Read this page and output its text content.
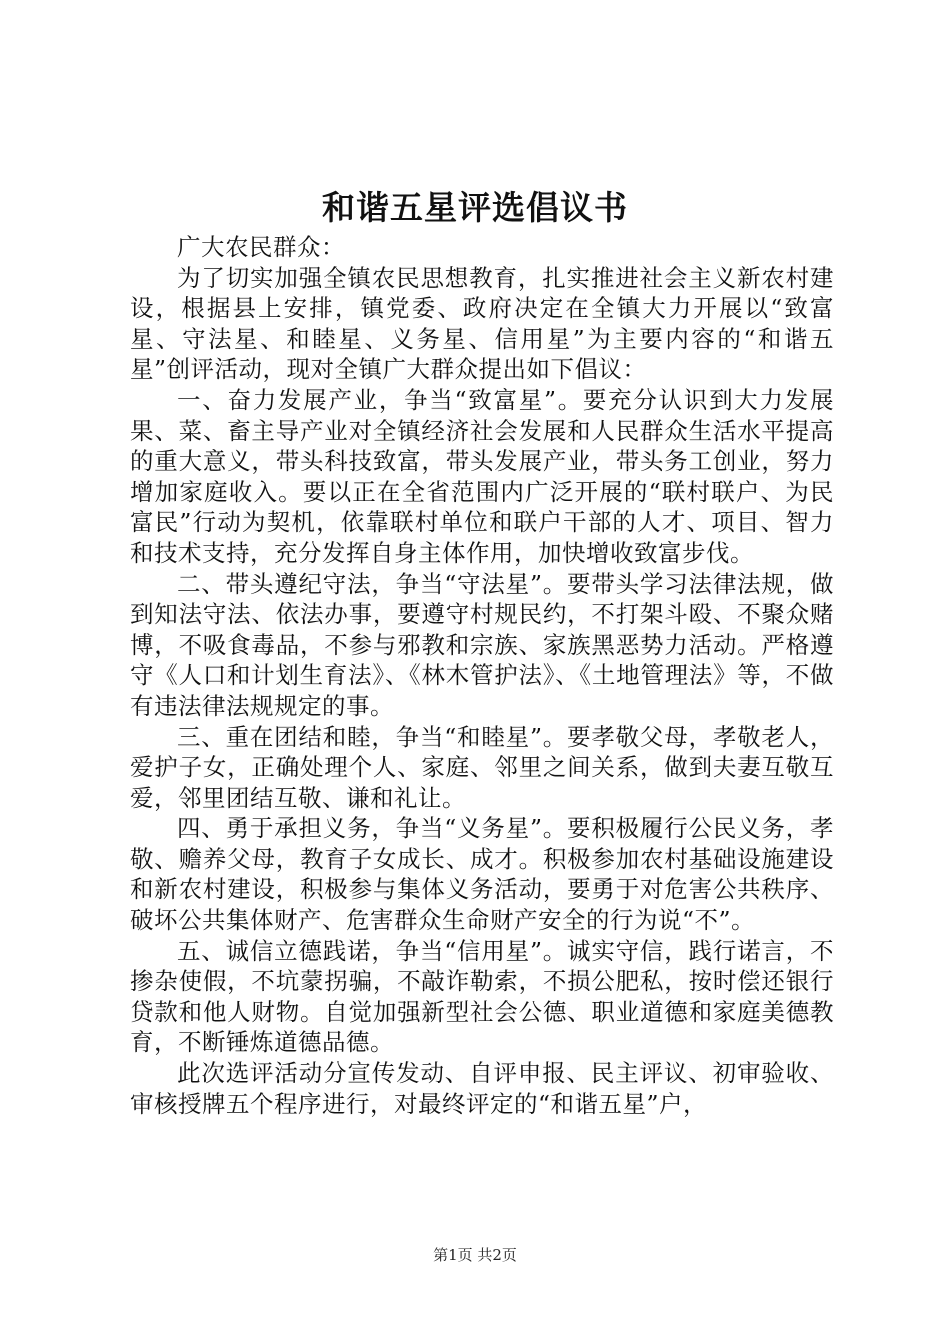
和谐五星评选倡议书

广大农民群众：

为了切实加强全镇农民思想教育，扎实推进社会主义新农村建设，根据县上安排，镇党委、政府决定在全镇大力开展以“致富星、守法星、和睦星、义务星、信用星”为主要内容的“和谐五星”创评活动，现对全镇广大群众提出如下倡议：

一、奋力发展产业，争当“致富星”。要充分认识到大力发展果、菜、畜主导产业对全镇经济社会发展和人民群众生活水平提高的重大意义，带头科技致富，带头发展产业，带头务工创业，努力增加家庭收入。要以正在全省范围内广泛开展的“联村联户、为民富民”行动为契机，依靠联村单位和联户干部的人才、项目、智力和技术支持，充分发挥自身主体作用，加快增收致富步伐。

二、带头遵纪守法，争当“守法星”。要带头学习法律法规，做到知法守法、依法办事，要遵守村规民约，不打架斗殴、不聚众赌博，不吸食毒品，不参与邪教和宗族、家族黑恶势力活动。严格遵守《人口和计划生育法》、《林木管护法》、《土地管理法》等，不做有违法律法规规定的事。

三、重在团结和睦，争当“和睦星”。要孝敬父母，孝敬老人，爱护子女，正确处理个人、家庭、邻里之间关系，做到夫妻互敬互爱，邻里团结互敬、谦和礼让。

四、勇于承担义务，争当“义务星”。要积极履行公民义务，孝敬、赡养父母，教育子女成长、成才。积极参加农村基础设施建设和新农村建设，积极参与集体义务活动，要勇于对危害公共秩序、破坏公共集体财产、危害群众生命财产安全的行为说“不”。

五、诚信立德践诺，争当“信用星”。诚实守信，践行诺言，不掺杂使假，不坑蒙拐骗，不敲诈勒索，不损公肥私，按时偿还银行贷款和他人财物。自觉加强新型社会公德、职业道德和家庭美德教育，不断锤炼道德品德。

此次选评活动分宣传发动、自评申报、民主评议、初审验收、审核授牌五个程序进行，对最终评定的“和谐五星”户，

第1页 共2页
